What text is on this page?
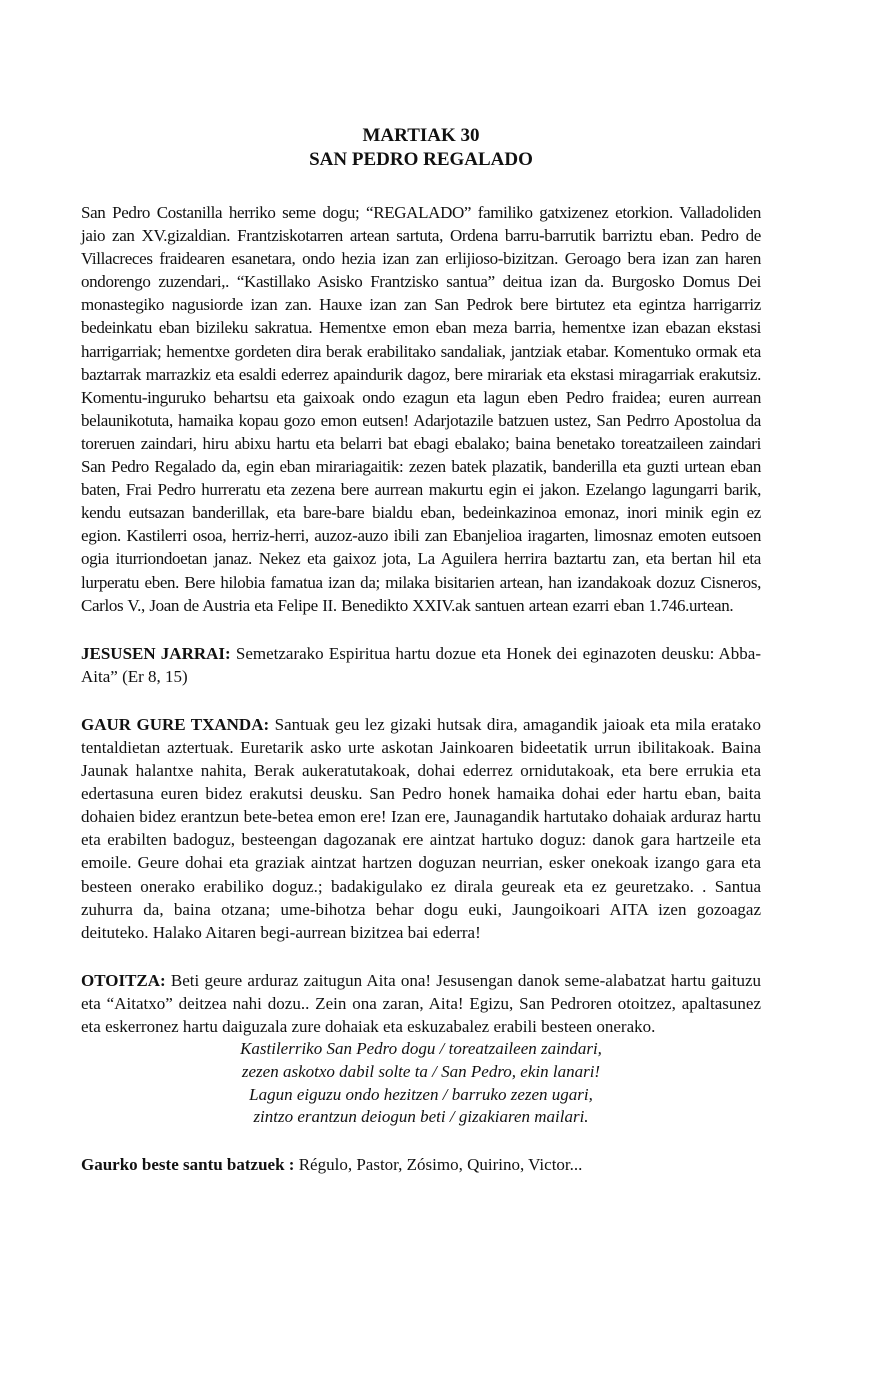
MARTIAK 30

SAN PEDRO REGALADO

San Pedro Costanilla herriko seme dogu; “REGALADO” familiko gatxizenez etorkion. Valladoliden jaio zan XV.gizaldian. Frantziskotarren artean sartuta, Ordena barru-barrutik barriztu eban. Pedro de Villacreces fraidearen esanetara, ondo hezia izan zan erlijioso-bizitzan. Geroago bera izan zan haren ondorengo zuzendari,. “Kastillako Asisko Frantzisko santua” deitua izan da. Burgosko Domus Dei monastegiko nagusiorde izan zan. Hauxe izan zan San Pedrok bere birtutez eta egintza harrigarriz bedeinkatu eban bizileku sakratua. Hementxe emon eban meza barria, hementxe izan ebazan ekstasi harrigarriak; hementxe gordeten dira berak erabilitako sandaliak, jantziak etabar. Komentuko ormak eta baztarrak marrazkiz eta esaldi ederrez apaindurik dagoz, bere mirariak eta ekstasi miragarriak erakutsiz. Komentu-inguruko behartsu eta gaixoak ondo ezagun eta lagun eben Pedro fraidea; euren aurrean belaunikotuta, hamaika kopau gozo emon eutsen! Adarjotazile batzuen ustez, San Pedrro Apostolua da toreruen zaindari, hiru abixu hartu eta belarri bat ebagi ebalako; baina benetako toreatzaileen zaindari San Pedro Regalado da, egin eban mirariagaitik: zezen batek plazatik, banderilla eta guzti urtean eban baten, Frai Pedro hurreratu eta zezena bere aurrean makurtu egin ei jakon. Ezelango lagungarri barik, kendu eutsazan banderillak, eta bare-bare bialdu eban, bedeinkazinoa emonaz, inori minik egin ez egion. Kastilerri osoa, herriz-herri, auzoz-auzo ibili zan Ebanjelioa iragarten, limosnaz emoten eutsoen ogia iturriondoetan janaz. Nekez eta gaixoz jota, La Aguilera herrira baztartu zan, eta bertan hil eta lurperatu eben. Bere hilobia famatua izan da; milaka bisitarien artean, han izandakoak dozuz Cisneros, Carlos V., Joan de Austria eta Felipe II. Benedikto XXIV.ak santuen artean ezarri eban 1.746.urtean.

JESUSEN JARRAI: Semetzarako Espiritua hartu dozue eta Honek dei eginazoten deusku: Abba-Aita” (Er 8, 15)

GAUR GURE TXANDA: Santuak geu lez gizaki hutsak dira, amagandik jaioak eta mila eratako tentaldietan aztertuak. Euretarik asko urte askotan Jainkoaren bideetatik urrun ibilitakoak. Baina Jaunak halantxe nahita, Berak aukeratutakoak, dohai ederrez ornidutakoak, eta bere errukia eta edertasuna euren bidez erakutsi deusku. San Pedro honek hamaika dohai eder hartu eban, baita dohaien bidez erantzun bete-betea emon ere! Izan ere, Jaunagandik hartutako dohaiak arduraz hartu eta erabilten badoguz, besteengan dagozanak ere aintzat hartuko doguz: danok gara hartzeile eta emoile. Geure dohai eta graziak aintzat hartzen doguzan neurrian, esker onekoak izango gara eta besteen onerako erabiliko doguz.; badakigulako ez dirala geureak eta ez geuretzako. . Santua zuhurra da, baina otzana; ume-bihotza behar dogu euki, Jaungoikoari AITA izen gozoagaz deituteko. Halako Aitaren begi-aurrean bizitzea bai ederra!

OTOITZA: Beti geure arduraz zaitugun Aita ona! Jesusengan danok seme-alabatzat hartu gaituzu eta “Aitatxo” deitzea nahi dozu.. Zein ona zaran, Aita! Egizu, San Pedroren otoitzez, apaltasunez eta eskerronez hartu daiguzala zure dohaiak eta eskuzabalez erabili besteen onerako.

Kastilerriko San Pedro dogu / toreatzaileen zaindari,
zezen askotxo dabil solte ta / San Pedro, ekin lanari!
Lagun eiguzu ondo hezitzen / barruko zezen ugari,
zintzo erantzun deiogun beti / gizakiaren mailari.

Gaurko beste santu batzuek : Régulo, Pastor, Zósimo, Quirino, Victor...
